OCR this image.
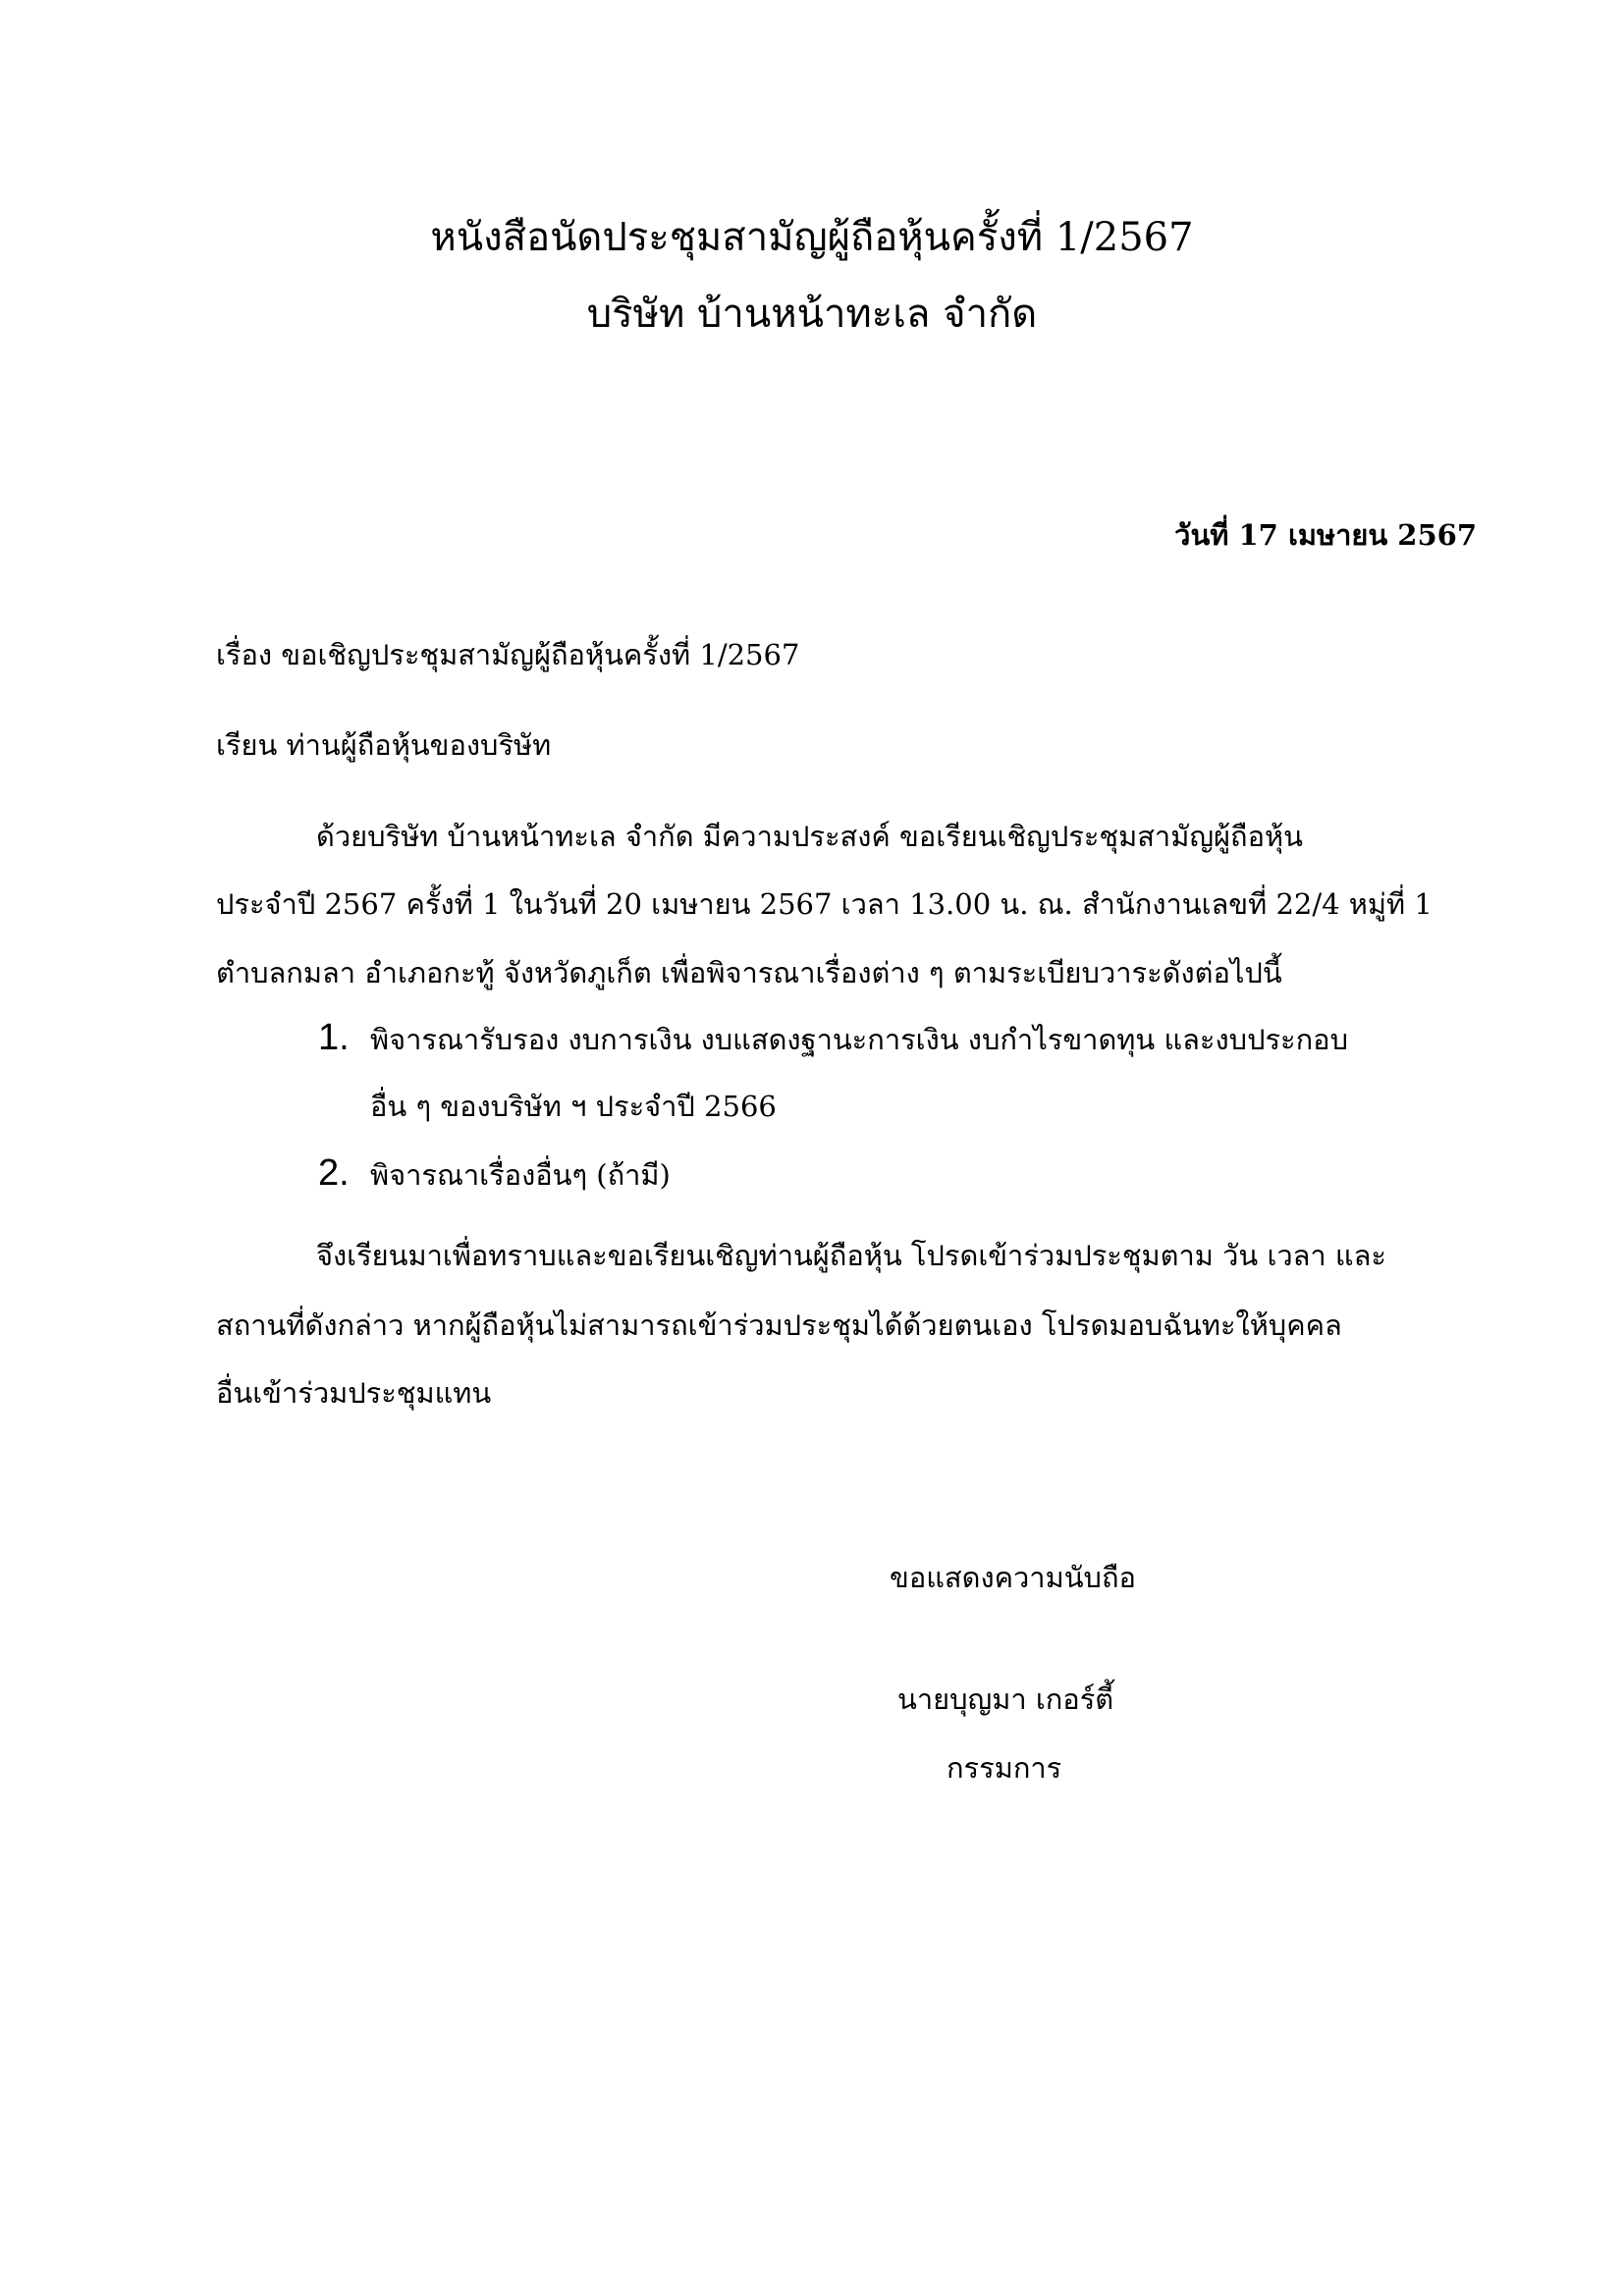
หนังสือนัดประชุมสามัญผู้ถือหุ้นครั้งที่ 1/2567
บริษัท บ้านหน้าทะเล จำกัด
วันที่ 17 เมษายน 2567
เรื่อง ขอเชิญประชุมสามัญผู้ถือหุ้นครั้งที่ 1/2567
เรียน ท่านผู้ถือหุ้นของบริษัท
ด้วยบริษัท บ้านหน้าทะเล จำกัด มีความประสงค์ ขอเรียนเชิญประชุมสามัญผู้ถือหุ้น
ประจำปี 2567 ครั้งที่ 1 ในวันที่ 20 เมษายน 2567 เวลา 13.00 น. ณ. สำนักงานเลขที่ 22/4 หมู่ที่ 1
ตำบลกมลา อำเภอกะทู้ จังหวัดภูเก็ต เพื่อพิจารณาเรื่องต่าง ๆ ตามระเบียบวาระดังต่อไปนี้
1. พิจารณารับรอง งบการเงิน งบแสดงฐานะการเงิน งบกำไรขาดทุน และงบประกอบ
อื่น ๆ ของบริษัท ฯ ประจำปี 2566
2. พิจารณาเรื่องอื่นๆ (ถ้ามี)
จึงเรียนมาเพื่อทราบและขอเรียนเชิญท่านผู้ถือหุ้น โปรดเข้าร่วมประชุมตาม วัน เวลา และ
สถานที่ดังกล่าว หากผู้ถือหุ้นไม่สามารถเข้าร่วมประชุมได้ด้วยตนเอง โปรดมอบฉันทะให้บุคคล
อื่นเข้าร่วมประชุมแทน
ขอแสดงความนับถือ
นายบุญมา เกอร์ตี้
กรรมการ
